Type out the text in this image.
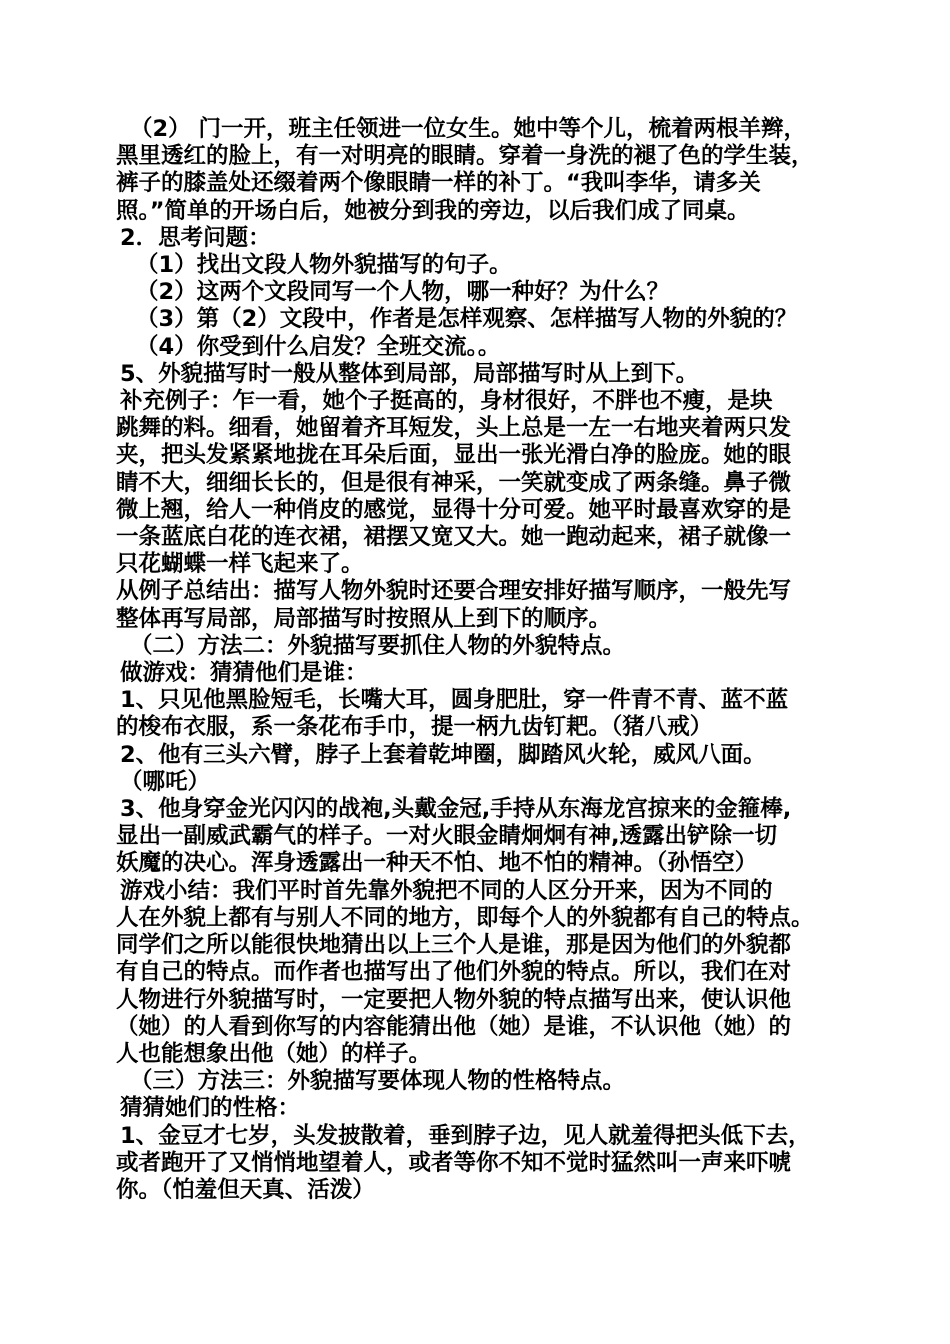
（2） 门一开，班主任领进一位女生。她中等个儿，梳着两根羊辫，

黑里透红的脸上，有一对明亮的眼睛。穿着一身洗的褪了色的学生装，

裤子的膝盖处还缀着两个像眼睛一样的补丁。“我叫李华，请多关

照。”简单的开场白后，她被分到我的旁边，以后我们成了同桌。

2．思考问题：

（1）找出文段人物外貌描写的句子。

（2）这两个文段同写一个人物，哪一种好？为什么？

（3）第（2）文段中，作者是怎样观察、怎样描写人物的外貌的？

（4）你受到什么启发？全班交流。。

5、外貌描写时一般从整体到局部，局部描写时从上到下。

补充例子：乍一看，她个子挺高的，身材很好，不胖也不瘦，是块

跳舞的料。细看，她留着齐耳短发，头上总是一左一右地夹着两只发

夹，把头发紧紧地拢在耳朵后面，显出一张光滑白净的脸庞。她的眼

睛不大，细细长长的，但是很有神采，一笑就变成了两条缝。鼻子微

微上翘，给人一种俏皮的感觉，显得十分可爱。她平时最喜欢穿的是

一条蓝底白花的连衣裙，裙摆又宽又大。她一跑动起来，裙子就像一

只花蝴蝶一样飞起来了。

从例子总结出：描写人物外貌时还要合理安排好描写顺序，一般先写

整体再写局部，局部描写时按照从上到下的顺序。

（二）方法二：外貌描写要抓住人物的外貌特点。

做游戏：猜猜他们是谁：

1、只见他黑脸短毛，长嘴大耳，圆身肥肚，穿一件青不青、蓝不蓝

的梭布衣服，系一条花布手巾，提一柄九齿钉耙。（猪八戒）

2、他有三头六臂，脖子上套着乾坤圈，脚踏风火轮，威风八面。

（哪吒）

3、他身穿金光闪闪的战袍,头戴金冠,手持从东海龙宫掠来的金箍棒,

显出一副威武霸气的样子。一对火眼金睛炯炯有神,透露出铲除一切

妖魔的决心。浑身透露出一种天不怕、地不怕的精神。（孙悟空）

游戏小结：我们平时首先靠外貌把不同的人区分开来，因为不同的

人在外貌上都有与别人不同的地方，即每个人的外貌都有自己的特点。

同学们之所以能很快地猜出以上三个人是谁，那是因为他们的外貌都

有自己的特点。而作者也描写出了他们外貌的特点。所以，我们在对

人物进行外貌描写时，一定要把人物外貌的特点描写出来，使认识他

（她）的人看到你写的内容能猜出他（她）是谁，不认识他（她）的

人也能想象出他（她）的样子。

（三）方法三：外貌描写要体现人物的性格特点。

猜猜她们的性格：

1、金豆才七岁，头发披散着，垂到脖子边，见人就羞得把头低下去，

或者跑开了又悄悄地望着人，或者等你不知不觉时猛然叫一声来吓唬

你。（怕羞但天真、活泼）
